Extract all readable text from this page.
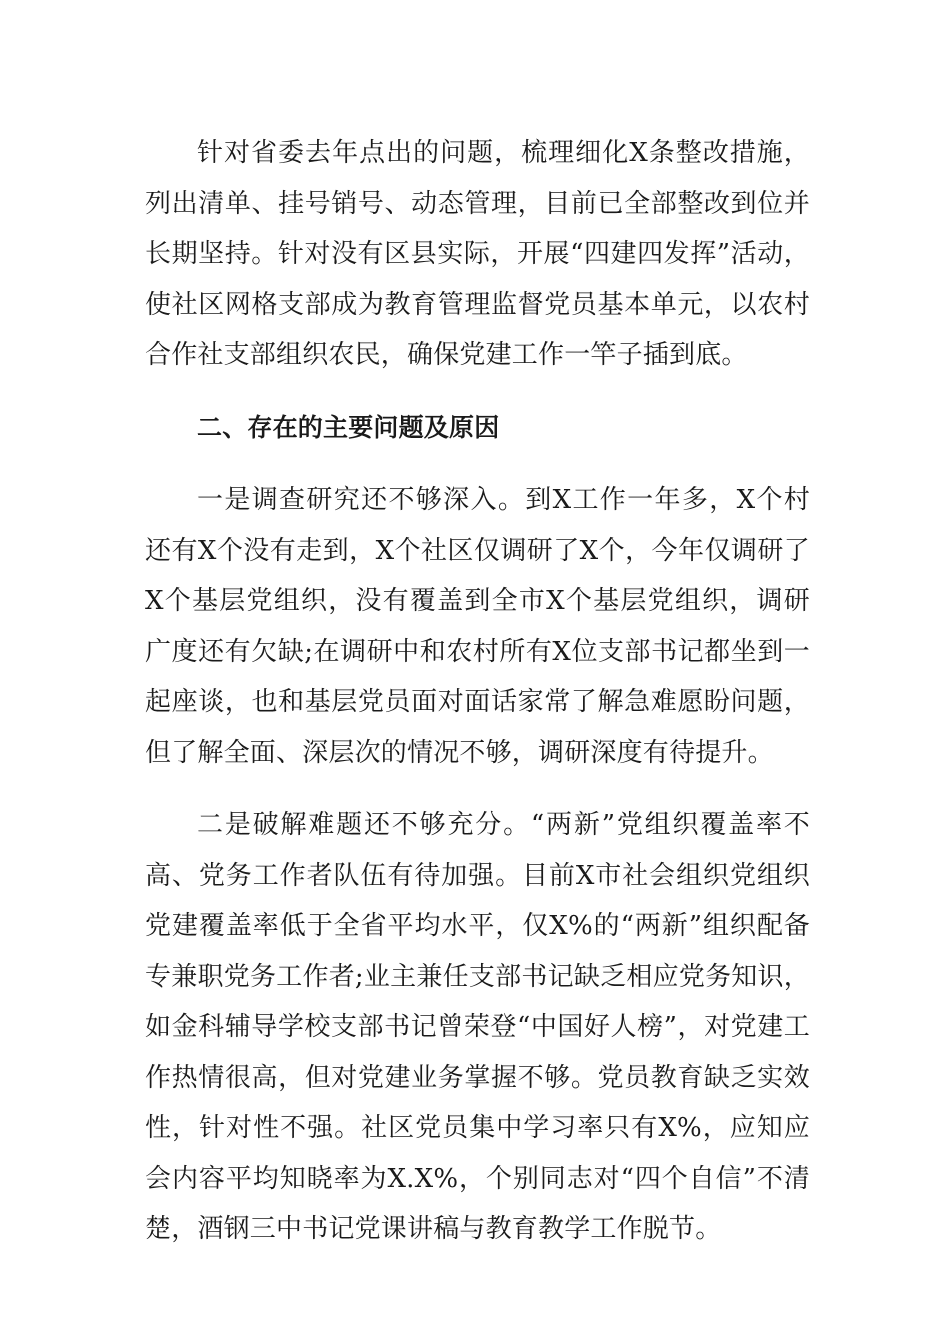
针对省委去年点出的问题，梳理细化X条整改措施，列出清单、挂号销号、动态管理，目前已全部整改到位并长期坚持。针对没有区县实际，开展“四建四发挥”活动，使社区网格支部成为教育管理监督党员基本单元，以农村合作社支部组织农民，确保党建工作一竿子插到底。

二、存在的主要问题及原因

一是调查研究还不够深入。到X工作一年多，X个村还有X个没有走到，X个社区仅调研了X个，今年仅调研了X个基层党组织，没有覆盖到全市X个基层党组织，调研广度还有欠缺;在调研中和农村所有X位支部书记都坐到一起座谈，也和基层党员面对面话家常了解急难愿盼问题，但了解全面、深层次的情况不够，调研深度有待提升。

二是破解难题还不够充分。“两新”党组织覆盖率不高、党务工作者队伍有待加强。目前X市社会组织党组织党建覆盖率低于全省平均水平，仅X%的“两新”组织配备专兼职党务工作者;业主兼任支部书记缺乏相应党务知识，如金科辅导学校支部书记曾荣登“中国好人榜”，对党建工作热情很高，但对党建业务掌握不够。党员教育缺乏实效性，针对性不强。社区党员集中学习率只有X%，应知应会内容平均知晓率为X.X%，个别同志对“四个自信”不清楚，酒钢三中书记党课讲稿与教育教学工作脱节。
